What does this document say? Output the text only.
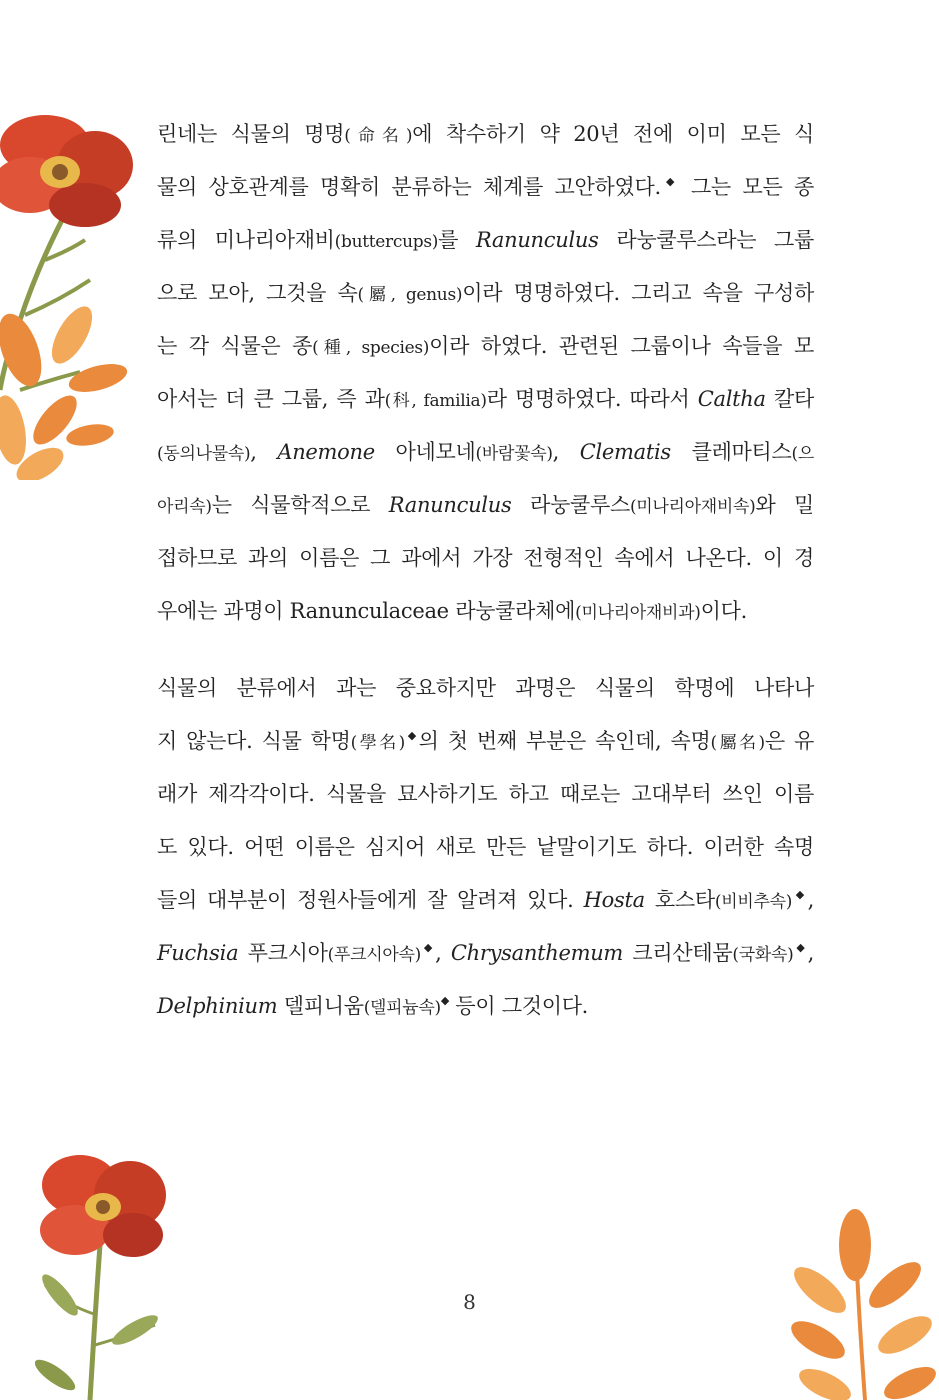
린네는 식물의 명명(命名)에 착수하기 약 20년 전에 이미 모든 식
물의 상호관계를 명확히 분류하는 체계를 고안하였다.◆ 그는 모든 종
류의 미나리아재비(buttercups)를 Ranunculus 라눙쿨루스라는 그룹
으로 모아, 그것을 속(屬, genus)이라 명명하였다. 그리고 속을 구성하
는 각 식물은 종(種, species)이라 하였다. 관련된 그룹이나 속들을 모
아서는 더 큰 그룹, 즉 과(科, familia)라 명명하였다. 따라서 Caltha 칼타
(동의나물속), Anemone 아네모네(바람꽃속), Clematis 클레마티스(으
아리속)는 식물학적으로 Ranunculus 라눙쿨루스(미나리아재비속)와 밀
접하므로 과의 이름은 그 과에서 가장 전형적인 속에서 나온다. 이 경
우에는 과명이 Ranunculaceae 라눙쿨라체에(미나리아재비과)이다.
식물의 분류에서 과는 중요하지만 과명은 식물의 학명에 나타나
지 않는다. 식물 학명(學名)◆의 첫 번째 부분은 속인데, 속명(屬名)은 유
래가 제각각이다. 식물을 묘사하기도 하고 때로는 고대부터 쓰인 이름
도 있다. 어떤 이름은 심지어 새로 만든 낱말이기도 하다. 이러한 속명
들의 대부분이 정원사들에게 잘 알려져 있다. Hosta 호스타(비비추속)◆,
Fuchsia 푸크시아(푸크시아속)◆, Chrysanthemum 크리산테뭄(국화속)◆,
Delphinium 델피니움(델피늄속)◆ 등이 그것이다.
8
